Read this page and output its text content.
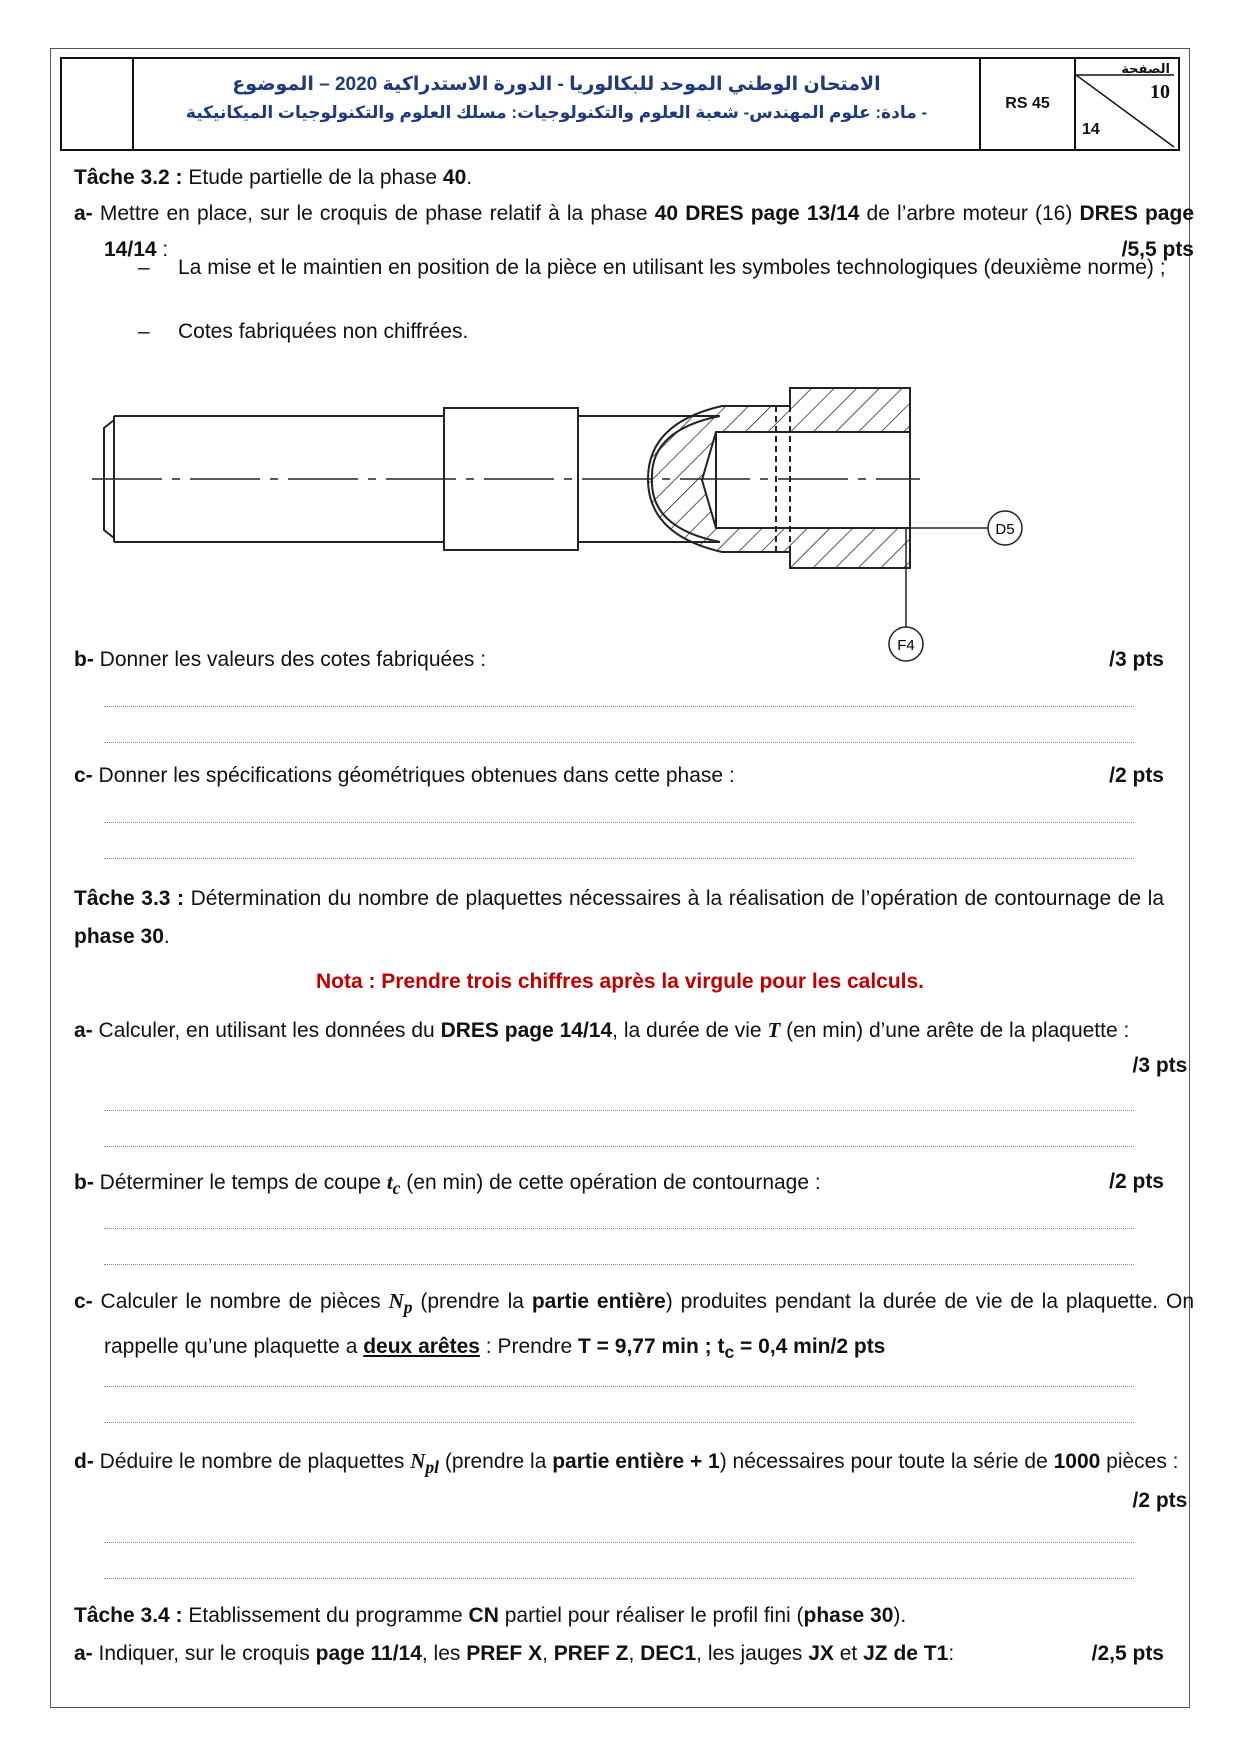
الامتحان الوطني الموحد للبكالوريا - الدورة الاستدراكية 2020 – الموضوع
- مادة: علوم المهندس- شعبة العلوم والتكنولوجيات: مسلك العلوم والتكنولوجيات الميكانيكية	RS 45
الصفحة
10
14
Tâche 3.2 : Etude partielle de la phase 40.
a- Mettre en place, sur le croquis de phase relatif à la phase 40 DRES page 13/14 de l’arbre moteur (16) DRES page 14/14 :	/5,5 pts
– La mise et le maintien en position de la pièce en utilisant les symboles technologiques (deuxième norme) ;
– Cotes fabriquées non chiffrées.
D5
F4
b- Donner les valeurs des cotes fabriquées :	/3 pts
c- Donner les spécifications géométriques obtenues dans cette phase :	/2 pts
Tâche 3.3 : Détermination du nombre de plaquettes nécessaires à la réalisation de l’opération de contournage de la phase 30.
Nota : Prendre trois chiffres après la virgule pour les calculs.
a- Calculer, en utilisant les données du DRES page 14/14, la durée de vie T (en min) d’une arête de la plaquette :
/3 pts
b- Déterminer le temps de coupe $t_c$ (en min) de cette opération de contournage :	/2 pts
c- Calculer le nombre de pièces $N_p$ (prendre la partie entière) produites pendant la durée de vie de la plaquette. On rappelle qu’une plaquette a deux arêtes : Prendre T = 9,77 min ; $t_c = 0,4$ min/2 pts
d- Déduire le nombre de plaquettes $N_{pl}$ (prendre la partie entière + 1) nécessaires pour toute la série de 1000 pièces :
/2 pts
Tâche 3.4 : Etablissement du programme CN partiel pour réaliser le profil fini (phase 30).
a- Indiquer, sur le croquis page 11/14, les PREF X, PREF Z, DEC1, les jauges JX et JZ de T1:	/2,5 pts
